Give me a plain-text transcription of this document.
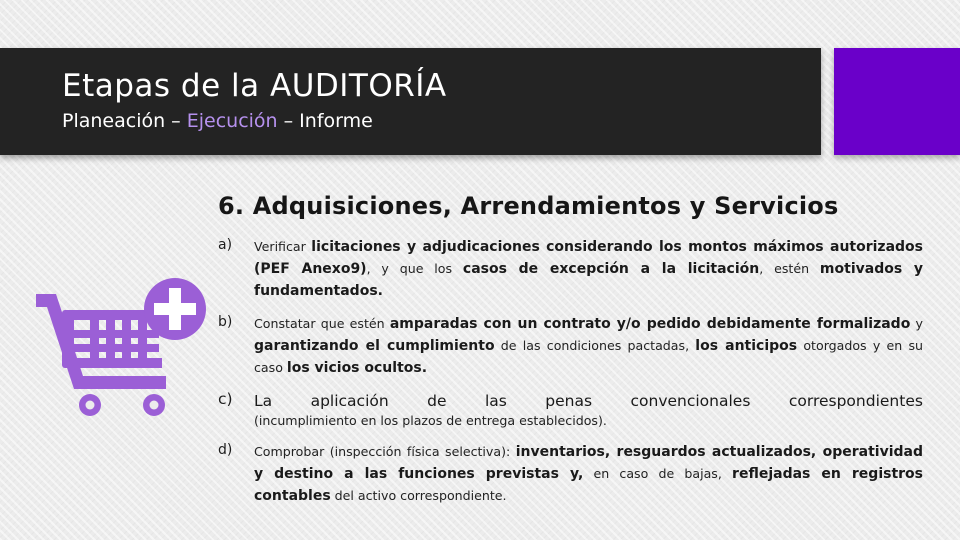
Etapas de la AUDITORÍA

Planeación – Ejecución – Informe

6. Adquisiciones, Arrendamientos y Servicios
a) Verificar licitaciones y adjudicaciones considerando los montos máximos autorizados (PEF Anexo9), y que los casos de excepción a la licitación, estén motivados y fundamentados.
b) Constatar que estén amparadas con un contrato y/o pedido debidamente formalizado y garantizando el cumplimiento de las condiciones pactadas, los anticipos otorgados y en su caso los vicios ocultos.
c) La aplicación de las penas convencionales correspondientes
(incumplimiento en los plazos de entrega establecidos).
d) Comprobar (inspección física selectiva): inventarios, resguardos actualizados, operatividad y destino a las funciones previstas y, en caso de bajas, reflejadas en registros contables del activo correspondiente.
